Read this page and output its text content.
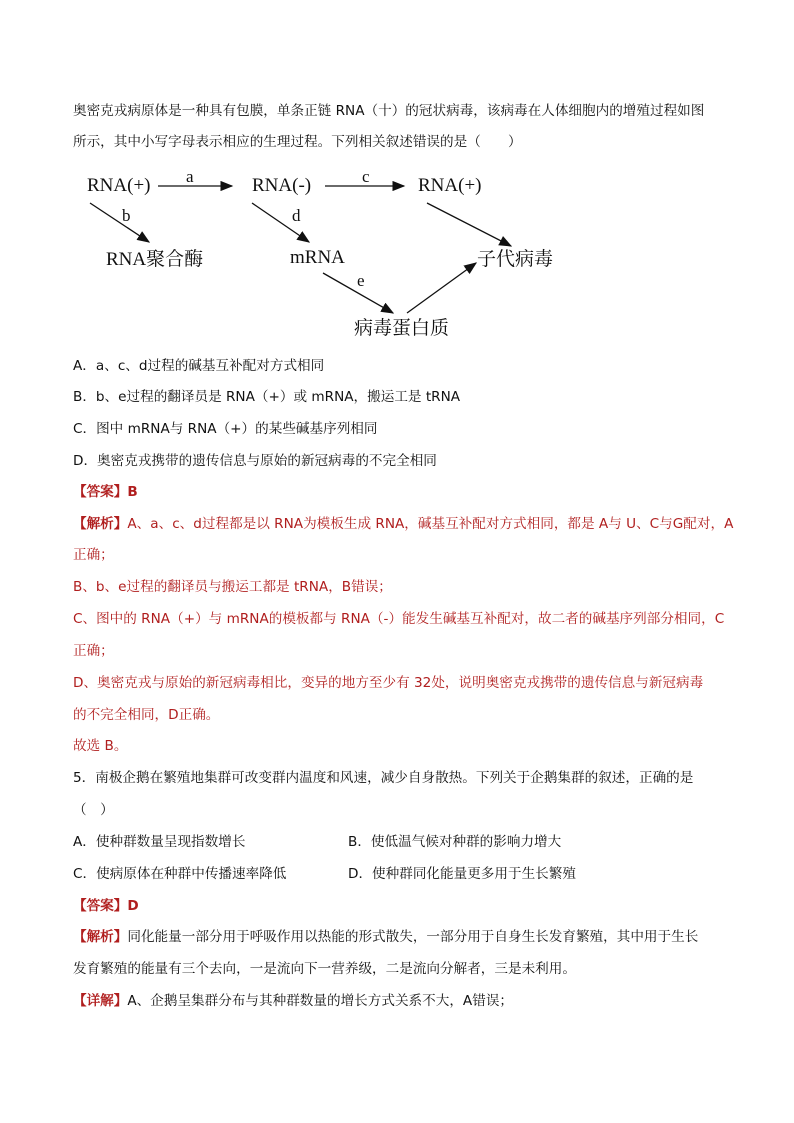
奥密克戎病原体是一种具有包膜，单条正链 RNA（十）的冠状病毒，该病毒在人体细胞内的增殖过程如图
所示，其中小写字母表示相应的生理过程。下列相关叙述错误的是（　　）
RNA(+)	RNA(-)	RNA(+)
RNA聚合酶	mRNA	子代病毒
病毒蛋白质
a	c
b	d
e
A．a、c、d过程的碱基互补配对方式相同
B．b、e过程的翻译员是 RNA（+）或 mRNA，搬运工是 tRNA
C．图中 mRNA与 RNA（+）的某些碱基序列相同
D．奥密克戎携带的遗传信息与原始的新冠病毒的不完全相同
【答案】B
【解析】A、a、c、d过程都是以 RNA为模板生成 RNA，碱基互补配对方式相同，都是 A与 U、C与G配对，A
正确；
B、b、e过程的翻译员与搬运工都是 tRNA，B错误；
C、图中的 RNA（+）与 mRNA的模板都与 RNA（-）能发生碱基互补配对，故二者的碱基序列部分相同，C
正确；
D、奥密克戎与原始的新冠病毒相比，变异的地方至少有 32处，说明奥密克戎携带的遗传信息与新冠病毒
的不完全相同，D正确。
故选 B。
5．南极企鹅在繁殖地集群可改变群内温度和风速，减少自身散热。下列关于企鹅集群的叙述，正确的是
（　）
A．使种群数量呈现指数增长	B．使低温气候对种群的影响力增大
C．使病原体在种群中传播速率降低	D．使种群同化能量更多用于生长繁殖
【答案】D
【解析】同化能量一部分用于呼吸作用以热能的形式散失，一部分用于自身生长发育繁殖，其中用于生长
发育繁殖的能量有三个去向，一是流向下一营养级，二是流向分解者，三是未利用。
【详解】A、企鹅呈集群分布与其种群数量的增长方式关系不大，A错误；
